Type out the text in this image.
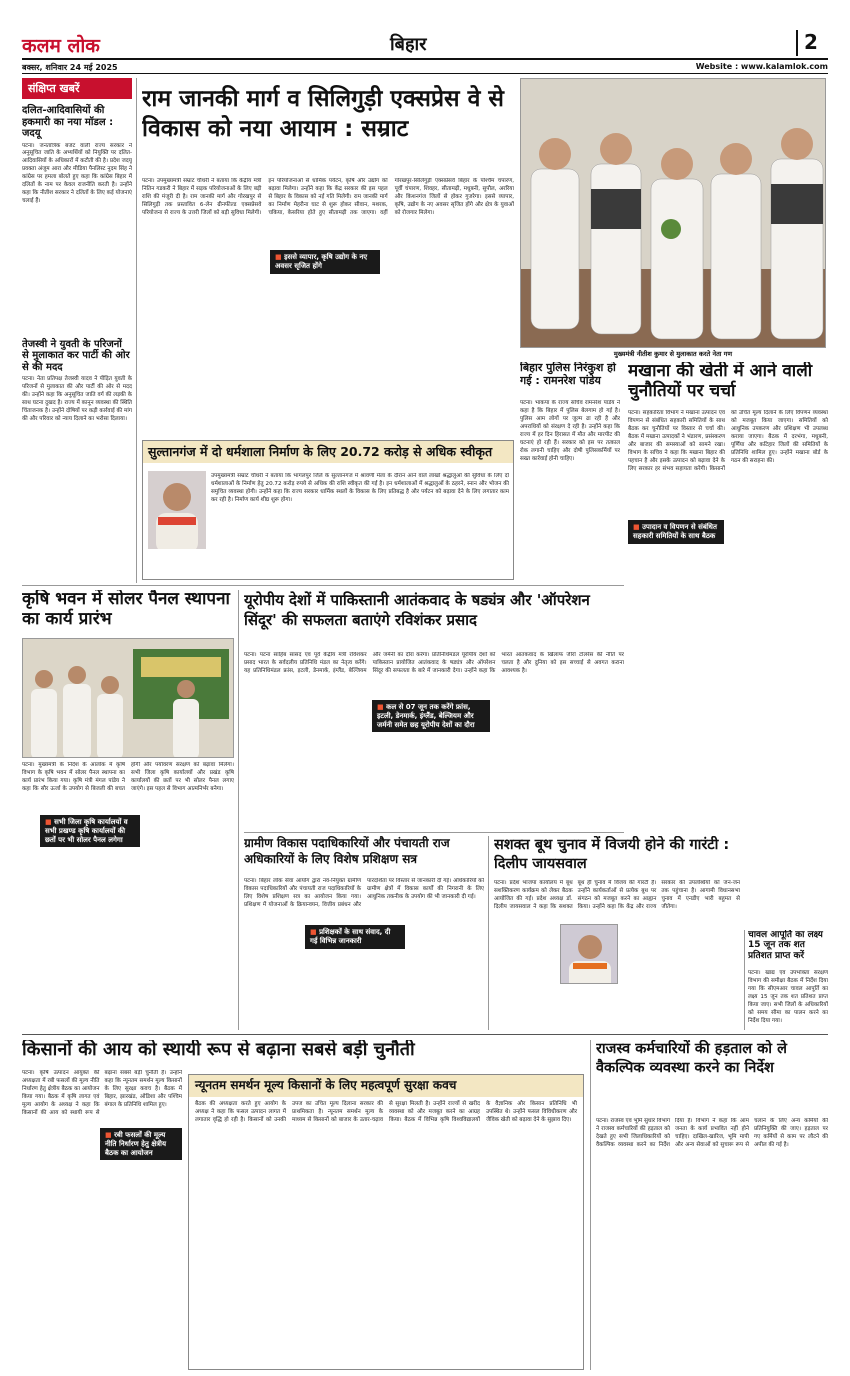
कलम लोक	बिहार	2
बक्सर, शनिवार 24 मई 2025	Website : www.kalamlok.com
संक्षिप्त खबरें
दलित-आदिवासियों की हकमारी का नया मॉडल : जदयू
पटना। जनतांत्रिक बजट वाली राज्य सरकार ने अनुसूचित जाति के अभ्यर्थियों को नियुक्ति पर दलित-आदिवासियों के अधिकारों में कटौती की है। प्रदेश जदयू प्रवक्ता अंजुम आरा और मीडिया पैनलिस्ट नुदम सिंह ने कांग्रेस पर हमला बोलते हुए कहा कि कांग्रेस बिहार में दलितों के नाम पर केवल राजनीति करती है। उन्होंने कहा कि नीतीश सरकार ने दलितों के लिए कई योजनाएं चलाई हैं।
तेजस्वी ने युवती के परिजनों से मुलाकात कर पार्टी की ओर से की मदद
पटना। नेता प्रतिपक्ष तेजस्वी यादव ने पीड़ित युवती के परिजनों से मुलाकात की और पार्टी की ओर से मदद की। उन्होंने कहा कि अनुसूचित जाति वर्ग की लड़की के साथ घटना दुखद है। राज्य में कानून व्यवस्था की स्थिति चिंताजनक है। उन्होंने दोषियों पर कड़ी कार्रवाई की मांग की और परिवार को न्याय दिलाने का भरोसा दिलाया।
राम जानकी मार्ग व सिलिगुड़ी एक्सप्रेस वे से विकास को नया आयाम : सम्राट
पटना। उपमुख्यमंत्री सम्राट चौधरी ने बताया कि केंद्रीय मंत्री नितिन गडकरी ने बिहार में सड़क परियोजनाओं के लिए बड़ी राशि की मंजूरी दी है। राम जानकी मार्ग और गोरखपुर से सिलिगुड़ी तक प्रस्तावित 6-लेन ग्रीनफील्ड एक्सप्रेसवे परियोजना से राज्य के उत्तरी जिलों को बड़ी सुविधा मिलेगी। इन परियोजनाओं से धार्मिक पर्यटन, कृषि और उद्योग को बढ़ावा मिलेगा। उन्होंने कहा कि केंद्र सरकार की इस पहल से बिहार के विकास को नई गति मिलेगी। राम जानकी मार्ग का निर्माण मेहरौना घाट से शुरू होकर सीवान, मशरक, चकिया, केसरिया होते हुए सीतामढ़ी तक जाएगा। वहीं गोरखपुर-सिलिगुड़ी एक्सप्रेसवे बिहार के पश्चिम चंपारण, पूर्वी चंपारण, शिवहर, सीतामढ़ी, मधुबनी, सुपौल, अररिया और किशनगंज जिलों से होकर गुजरेगा। इससे व्यापार, कृषि, उद्योग के नए अवसर सृजित होंगे और क्षेत्र के युवाओं को रोजगार मिलेगा।
■ इससे व्यापार, कृषि उद्योग के नए अवसर सृजित होंगे
मुख्यमंत्री नीतीश कुमार से मुलाकात करते नेता गण
बिहार पुलिस निरंकुश हो गई : रामनरेश पांडेय
पटना। भाकपा के राज्य सचिव रामनरेश पांडेय ने कहा है कि बिहार में पुलिस बेलगाम हो गई है। पुलिस आम लोगों पर जुल्म ढा रही है और अपराधियों को संरक्षण दे रही है। उन्होंने कहा कि राज्य में हर दिन हिरासत में मौत और मारपीट की घटनाएं हो रही हैं। सरकार को इस पर तत्काल रोक लगानी चाहिए और दोषी पुलिसकर्मियों पर सख्त कार्रवाई होनी चाहिए।
सुल्तानगंज में दो धर्मशाला निर्माण के लिए 20.72 करोड़ से अधिक स्वीकृत
उपमुख्यमंत्री सम्राट चौधरी ने बताया कि भागलपुर जिले के सुल्तानगंज में श्रावणी मेला के दौरान आने वाले लाखों श्रद्धालुओं की सुविधा के लिए दो धर्मशालाओं के निर्माण हेतु 20.72 करोड़ रुपये से अधिक की राशि स्वीकृत की गई है। इन धर्मशालाओं में श्रद्धालुओं के ठहरने, स्नान और भोजन की समुचित व्यवस्था होगी। उन्होंने कहा कि राज्य सरकार धार्मिक स्थलों के विकास के लिए प्रतिबद्ध है और पर्यटन को बढ़ावा देने के लिए लगातार काम कर रही है। निर्माण कार्य शीघ्र शुरू होगा।
मखाना की खेती में आने वाली चुनौतियों पर चर्चा
पटना। सहकारिता विभाग ने मखाना उत्पादन एवं विपणन से संबंधित सहकारी समितियों के साथ बैठक कर चुनौतियों पर विस्तार से चर्चा की। बैठक में मखाना उत्पादकों ने भंडारण, प्रसंस्करण और बाजार की समस्याओं को सामने रखा। विभाग के सचिव ने कहा कि मखाना बिहार की पहचान है और इसके उत्पादन को बढ़ावा देने के लिए सरकार हर संभव सहायता करेगी। किसानों को उचित मूल्य दिलाने के लिए विपणन व्यवस्था को मजबूत किया जाएगा। समितियों को आधुनिक उपकरण और प्रशिक्षण भी उपलब्ध कराया जाएगा। बैठक में दरभंगा, मधुबनी, पूर्णिया और कटिहार जिलों की समितियों के प्रतिनिधि शामिल हुए। उन्होंने मखाना बोर्ड के गठन की सराहना की।
■ उपादान व विपणन से संबंधित सहकारी समितियों के साथ बैठक
कृषि भवन में सोलर पैनल स्थापना का कार्य प्रारंभ
पटना। मुख्यमंत्री के निर्देश के आलोक में कृषि विभाग के कृषि भवन में सोलर पैनल स्थापना का कार्य प्रारंभ किया गया। कृषि मंत्री मंगल पांडेय ने कहा कि सौर ऊर्जा के उपयोग से बिजली की बचत होगी और पर्यावरण संरक्षण को बढ़ावा मिलेगा। सभी जिला कृषि कार्यालयों और प्रखंड कृषि कार्यालयों की छतों पर भी सोलर पैनल लगाए जाएंगे। इस पहल से विभाग आत्मनिर्भर बनेगा।
■ सभी जिला कृषि कार्यालयों व सभी प्रखण्ड कृषि कार्यालयों की छतों पर भी सोलर पैनल लगेगा
यूरोपीय देशों में पाकिस्तानी आतंकवाद के षड्यंत्र और 'ऑपरेशन सिंदूर' की सफलता बताएंगे रविशंकर प्रसाद
पटना। पटना साहिब सांसद एवं पूर्व केंद्रीय मंत्री रविशंकर प्रसाद भारत के सर्वदलीय प्रतिनिधि मंडल का नेतृत्व करेंगे। यह प्रतिनिधिमंडल फ्रांस, इटली, डेनमार्क, इंग्लैंड, बेल्जियम और जर्मनी का दौरा करेगा। प्रतिनिधिमंडल यूरोपीय देशों को पाकिस्तान प्रायोजित आतंकवाद के षड्यंत्र और ऑपरेशन सिंदूर की सफलता के बारे में जानकारी देगा। उन्होंने कहा कि भारत आतंकवाद के खिलाफ जीरो टॉलरेंस की नीति पर चलता है और दुनिया को इस सच्चाई से अवगत कराना आवश्यक है।
■ कल से 07 जून तक करेंगे फ्रांस, इटली, डेनमार्क, इंग्लैंड, बेल्जियम और जर्मनी समेत छह यूरोपीय देशों का दौरा
ग्रामीण विकास पदाधिकारियों और पंचायती राज अधिकारियों के लिए विशेष प्रशिक्षण सत्र
पटना। बिहार लोक सेवा आयोग द्वारा नव-नियुक्त ग्रामीण विकास पदाधिकारियों और पंचायती राज पदाधिकारियों के लिए विशेष प्रशिक्षण सत्र का आयोजन किया गया। प्रशिक्षण में योजनाओं के क्रियान्वयन, वित्तीय प्रबंधन और पारदर्शिता पर विस्तार से जानकारी दी गई। अधिकारियों को ग्रामीण क्षेत्रों में विकास कार्यों की निगरानी के लिए आधुनिक तकनीक के उपयोग की भी जानकारी दी गई।
■ प्रशिक्षकों के साथ संवाद, दी गई विभिन्न जानकारी
सशक्त बूथ चुनाव में विजयी होने की गारंटी : दिलीप जायसवाल
पटना। प्रदेश भाजपा कार्यालय में बूथ सशक्तिकरण कार्यक्रम को लेकर बैठक आयोजित की गई। प्रदेश अध्यक्ष डॉ. दिलीप जायसवाल ने कहा कि सशक्त बूथ ही चुनाव में विजय की गारंटी है। उन्होंने कार्यकर्ताओं से प्रत्येक बूथ पर संगठन को मजबूत करने का आह्वान किया। उन्होंने कहा कि केंद्र और राज्य सरकार की उपलब्धियों को जन-जन तक पहुंचाना है। आगामी विधानसभा चुनाव में एनडीए भारी बहुमत से जीतेगा।
चावल आपूर्ति का लक्ष्य 15 जून तक शत प्रतिशत प्राप्त करें
पटना। खाद्य एवं उपभोक्ता संरक्षण विभाग की समीक्षा बैठक में निर्देश दिया गया कि सीएमआर चावल आपूर्ति का लक्ष्य 15 जून तक शत प्रतिशत प्राप्त किया जाए। सभी जिलों के अधिकारियों को समय सीमा का पालन करने का निर्देश दिया गया।
किसानों की आय को स्थायी रूप से बढ़ाना सबसे बड़ी चुनौती
पटना। कृषि उत्पादन आयुक्त की अध्यक्षता में रबी फसलों की मूल्य नीति निर्धारण हेतु क्षेत्रीय बैठक का आयोजन किया गया। बैठक में कृषि लागत एवं मूल्य आयोग के अध्यक्ष ने कहा कि किसानों की आय को स्थायी रूप से बढ़ाना सबसे बड़ी चुनौती है। उन्होंने कहा कि न्यूनतम समर्थन मूल्य किसानों के लिए सुरक्षा कवच है। बैठक में बिहार, झारखंड, ओडिशा और पश्चिम बंगाल के प्रतिनिधि शामिल हुए।
■ रबी फसलों की मूल्य नीति निर्धारण हेतु क्षेत्रीय बैठक का आयोजन
न्यूनतम समर्थन मूल्य किसानों के लिए महत्वपूर्ण सुरक्षा कवच
बैठक की अध्यक्षता करते हुए आयोग के अध्यक्ष ने कहा कि फसल उत्पादन लागत में लगातार वृद्धि हो रही है। किसानों को उनकी उपज का उचित मूल्य दिलाना सरकार की प्राथमिकता है। न्यूनतम समर्थन मूल्य के माध्यम से किसानों को बाजार के उतार-चढ़ाव से सुरक्षा मिलती है। उन्होंने राज्यों से खरीद व्यवस्था को और मजबूत करने का आग्रह किया। बैठक में विभिन्न कृषि विश्वविद्यालयों के वैज्ञानिक और किसान प्रतिनिधि भी उपस्थित थे। उन्होंने फसल विविधीकरण और जैविक खेती को बढ़ावा देने के सुझाव दिए।
राजस्व कर्मचारियों की हड़ताल को ले वैकल्पिक व्यवस्था करने का निर्देश
पटना। राजस्व एवं भूमि सुधार विभाग ने राजस्व कर्मचारियों की हड़ताल को देखते हुए सभी जिलाधिकारियों को वैकल्पिक व्यवस्था करने का निर्देश दिया है। विभाग ने कहा कि आम जनता के कार्य प्रभावित नहीं होने चाहिए। दाखिल-खारिज, भूमि मापी और अन्य सेवाओं को सुचारू रूप से चलाने के लिए अन्य कर्मियों की प्रतिनियुक्ति की जाए। हड़ताल पर गए कर्मियों से काम पर लौटने की अपील की गई है।
